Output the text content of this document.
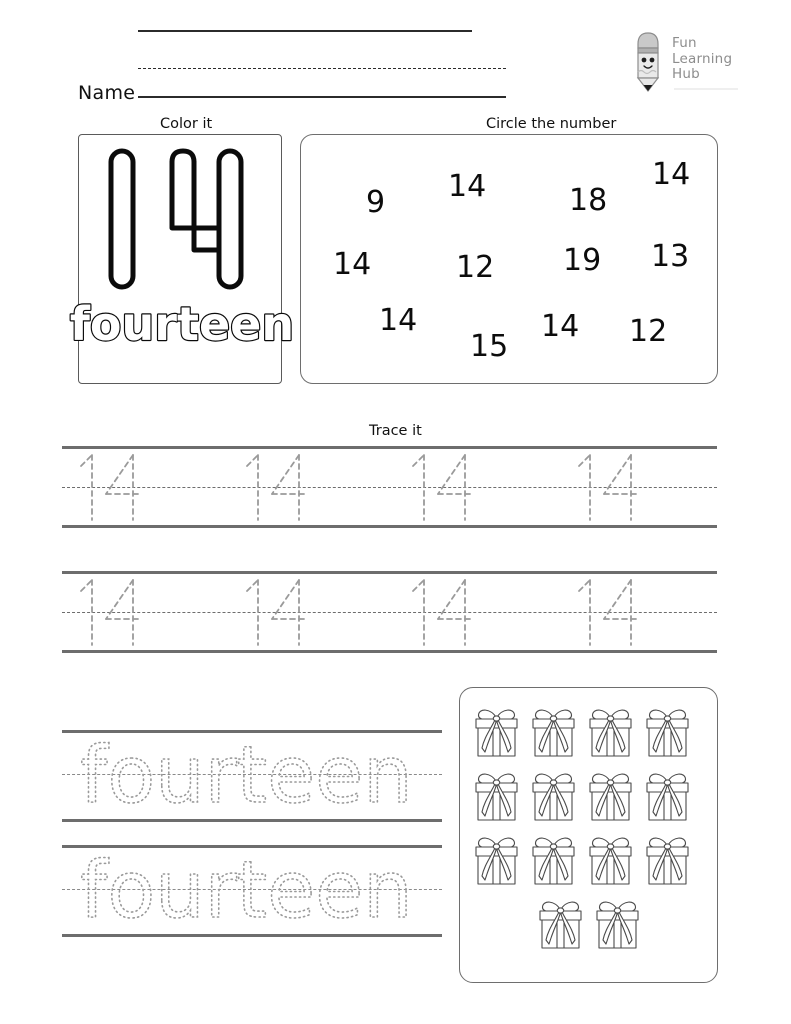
Name
Fun
Learning
Hub
Color it	Circle the number
Trace it
fourteen
9 14	18
14
14	12 19 13
14
15
14 12
fourteen
fourteen
